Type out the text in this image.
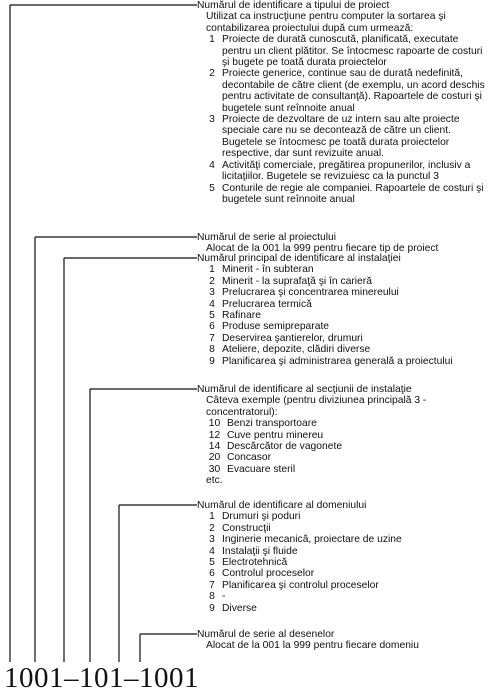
Numărul de identificare a tipului de proiect

Utilizat ca instrucţiune pentru computer la sortarea şi contabilizarea proiectului după cum urmează:

1 Proiecte de durată cunoscută, planificată, executate pentru un client plătitor. Se întocmesc rapoarte de costuri şi bugete pe toată durata proiectelor
2 Proiecte generice, continue sau de durată nedefinită, decontabile de către client (de exemplu, un acord deschis pentru activitate de consultanţă). Rapoartele de costuri şi bugetele sunt reînnoite anual
3 Proiecte de dezvoltare de uz intern sau alte proiecte speciale care nu se decontează de către un client. Bugetele se întocmesc pe toată durata proiectelor respective, dar sunt revizuite anual.
4 Activităţi comerciale, pregătirea propunerilor, inclusiv a licitaţiilor. Bugetele se revizuiesc ca la punctul 3
5 Conturile de regie ale companiei. Rapoartele de costuri şi bugetele sunt reînnoite anual
Numărul de serie al proiectului

Alocat de la 001 la 999 pentru fiecare tip de proiect

Numărul principal de identificare al instalaţiei
1 Minerit - în subteran
2 Minerit - la suprafaţă şi în carieră
3 Prelucrarea şi concentrarea minereului
4 Prelucrarea termică
5 Rafinare
6 Produse semipreparate
7 Deservirea şantierelor, drumuri
8 Ateliere, depozite, clădiri diverse
9 Planificarea şi administrarea generală a proiectului
Numărul de identificare al secţiunii de instalaţie

Câteva exemple (pentru diviziunea principală 3 - concentratorul):

10 Benzi transportoare
12 Cuve pentru minereu
14 Descărcător de vagonete
20 Concasor
30 Evacuare steril

etc.

Numărul de identificare al domeniului
1 Drumuri şi poduri
2 Construcţii
3 Inginerie mecanică, proiectare de uzine
4 Instalaţii şi fluide
5 Electrotehnică
6 Controlul proceselor
7 Planificarea şi controlul proceselor
8 -
9 Diverse
Numărul de serie al desenelor

Alocat de la 001 la 999 pentru fiecare domeniu

1001–101–1001
